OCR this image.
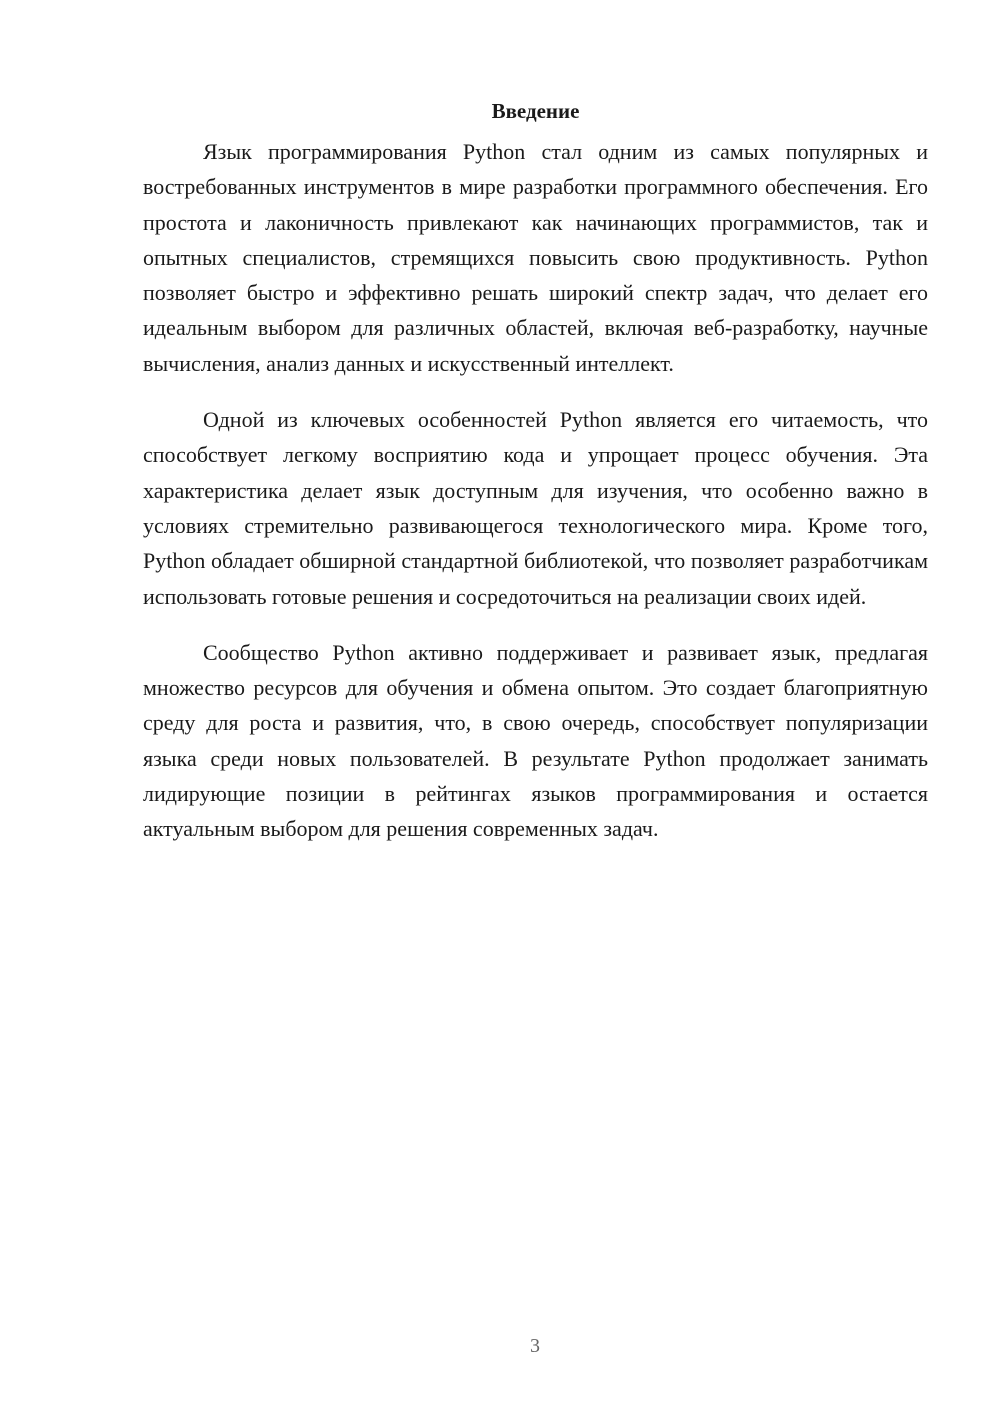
Введение

Язык программирования Python стал одним из самых популярных и востребованных инструментов в мире разработки программного обеспечения. Его простота и лаконичность привлекают как начинающих программистов, так и опытных специалистов, стремящихся повысить свою продуктивность. Python позволяет быстро и эффективно решать широкий спектр задач, что делает его идеальным выбором для различных областей, включая веб-разработку, научные вычисления, анализ данных и искусственный интеллект.

Одной из ключевых особенностей Python является его читаемость, что способствует легкому восприятию кода и упрощает процесс обучения. Эта характеристика делает язык доступным для изучения, что особенно важно в условиях стремительно развивающегося технологического мира. Кроме того, Python обладает обширной стандартной библиотекой, что позволяет разработчикам использовать готовые решения и сосредоточиться на реализации своих идей.

Сообщество Python активно поддерживает и развивает язык, предлагая множество ресурсов для обучения и обмена опытом. Это создает благоприятную среду для роста и развития, что, в свою очередь, способствует популяризации языка среди новых пользователей. В результате Python продолжает занимать лидирующие позиции в рейтингах языков программирования и остается актуальным выбором для решения современных задач.

3
